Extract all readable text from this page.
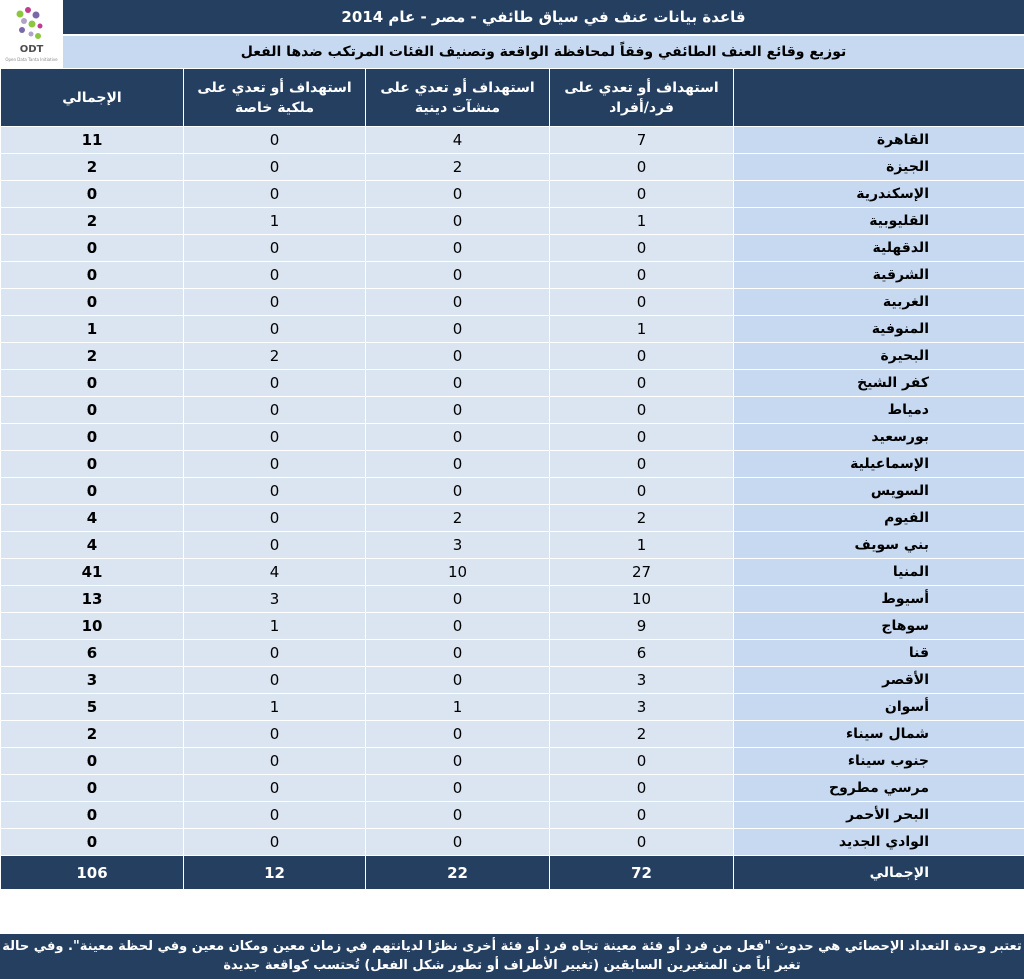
ODT
Open Data Tanta Initiative
قاعدة بيانات عنف في سياق طائفي - مصر - عام 2014
توزيع وقائع العنف الطائفي وفقاً لمحافظة الواقعة وتصنيف الفئات المرتكب ضدها الفعل
الإجمالي	استهداف أو تعدي على ملكية خاصة	استهداف أو تعدي على منشآت دينية	استهداف أو تعدي على فرد/أفراد	
11	0	4	7	القاهرة
2	0	2	0	الجيزة
0	0	0	0	الإسكندرية
2	1	0	1	القليوبية
0	0	0	0	الدقهلية
0	0	0	0	الشرقية
0	0	0	0	الغربية
1	0	0	1	المنوفية
2	2	0	0	البحيرة
0	0	0	0	كفر الشيخ
0	0	0	0	دمياط
0	0	0	0	بورسعيد
0	0	0	0	الإسماعيلية
0	0	0	0	السويس
4	0	2	2	الفيوم
4	0	3	1	بني سويف
41	4	10	27	المنيا
13	3	0	10	أسيوط
10	1	0	9	سوهاج
6	0	0	6	قنا
3	0	0	3	الأقصر
5	1	1	3	أسوان
2	0	0	2	شمال سيناء
0	0	0	0	جنوب سيناء
0	0	0	0	مرسي مطروح
0	0	0	0	البحر الأحمر
0	0	0	0	الوادي الجديد
106	12	22	72	الإجمالي
تعتبر وحدة التعداد الإحصائي هي حدوث "فعل من فرد أو فئة معينة تجاه فرد أو فئة أخرى نظرًا لديانتهم في زمان معين ومكان معين وفي لحظة معينة". وفي حالة
تغير أياً من المتغيرين السابقين (تغيير الأطراف أو تطور شكل الفعل) تُحتسب كواقعة جديدة
